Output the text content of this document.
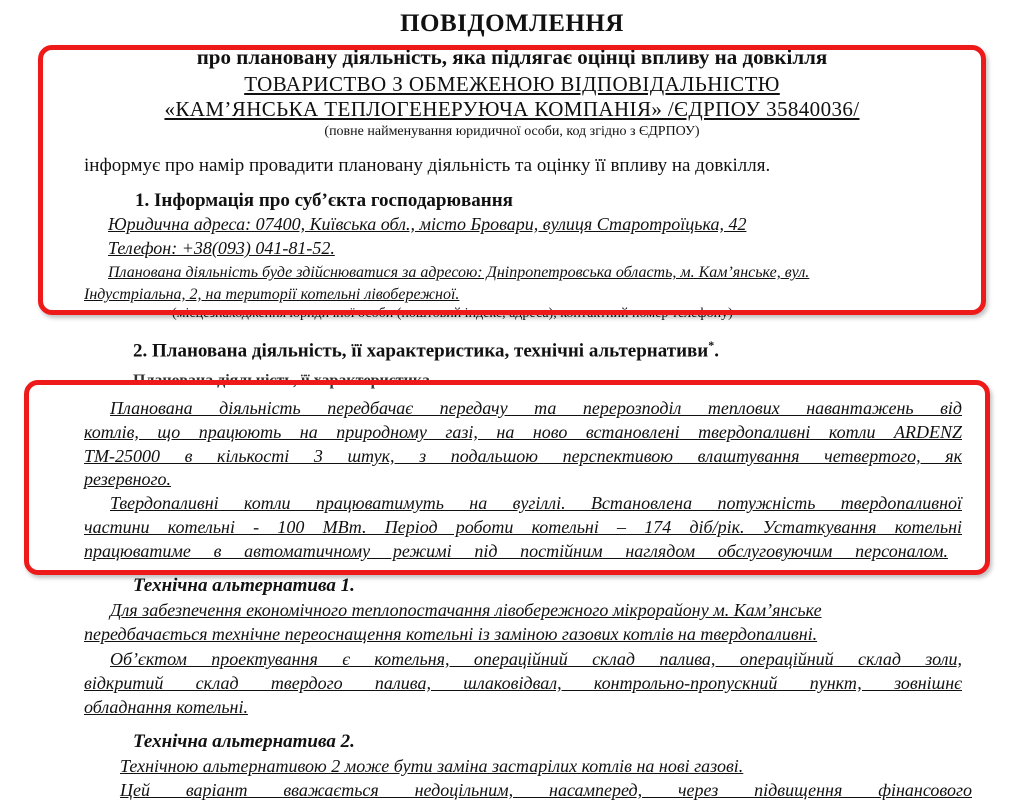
ПОВІДОМЛЕННЯ
про плановану діяльність, яка підлягає оцінці впливу на довкілля
ТОВАРИСТВО З ОБМЕЖЕНОЮ ВІДПОВІДАЛЬНІСТЮ
«КАМ’ЯНСЬКА ТЕПЛОГЕНЕРУЮЧА КОМПАНІЯ» /ЄДРПОУ 35840036/
(повне найменування юридичної особи, код згідно з ЄДРПОУ)
інформує про намір провадити плановану діяльність та оцінку її впливу на довкілля.
1. Інформація про суб’єкта господарювання
Юридична адреса: 07400, Київська обл., місто Бровари, вулиця Старотроїцька, 42
Телефон: +38(093) 041-81-52.
Планована діяльність буде здійснюватися за адресою: Дніпропетровська область, м. Кам’янське, вул.
Індустріальна, 2, на території котельні лівобережної.
(місцезнаходження юридичної особи (поштовий індекс, адреса), контактний номер телефону)
2. Планована діяльність, її характеристика, технічні альтернативи*.
Планована діяльність, її характеристика.
Планована діяльність передбачає передачу та перерозподіл теплових навантажень від
котлів, що працюють на природному газі, на ново встановлені твердопаливні котли ARDENZ
ТМ-25000 в кількості 3 штук, з подальшою перспективою влаштування четвертого, як
резервного.
Твердопаливні котли працюватимуть на вугіллі. Встановлена потужність твердопаливної
частини котельні - 100 МВт. Період роботи котельні – 174 діб/рік. Устаткування котельні
працюватиме в автоматичному режимі під постійним наглядом обслуговуючим персоналом.
Технічна альтернатива 1.
Для забезпечення економічного теплопостачання лівобережного мікрорайону м. Кам’янське
передбачається технічне переоснащення котельні із заміною газових котлів на твердопаливні.
Об’єктом проектування є котельня, операційний склад палива, операційний склад золи,
відкритий склад твердого палива, шлаковідвал, контрольно-пропускний пункт, зовнішнє
обладнання котельні.
Технічна альтернатива 2.
Технічною альтернативою 2 може бути заміна застарілих котлів на нові газові.
Цей варіант вважається недоцільним, насамперед, через підвищення фінансового
